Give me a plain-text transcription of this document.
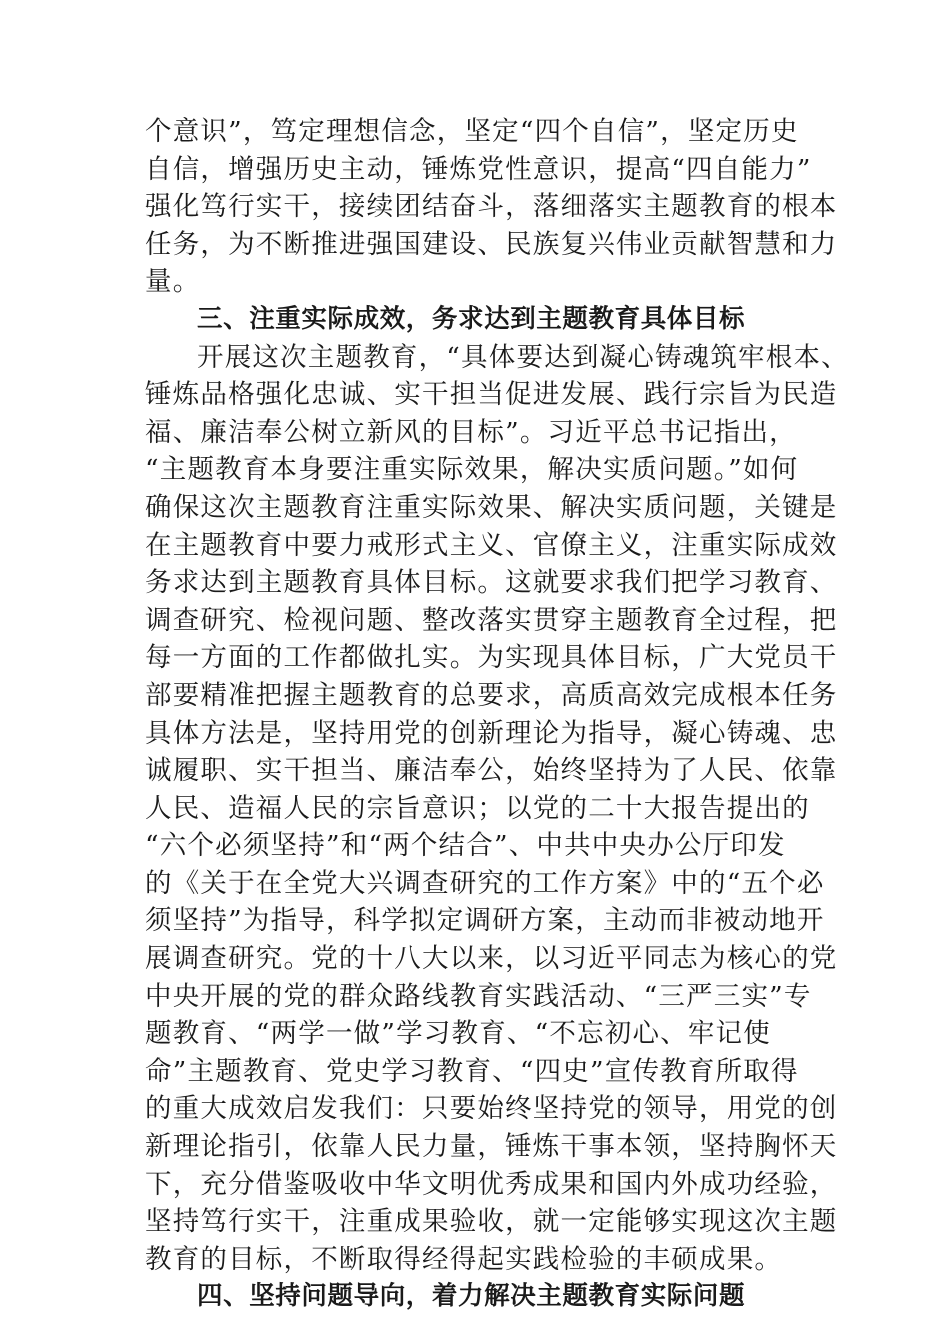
个意识”，笃定理想信念，坚定“四个自信”，坚定历史
自信，增强历史主动，锤炼党性意识，提高“四自能力”
强化笃行实干，接续团结奋斗，落细落实主题教育的根本
任务，为不断推进强国建设、民族复兴伟业贡献智慧和力
量。
三、注重实际成效，务求达到主题教育具体目标
开展这次主题教育，“具体要达到凝心铸魂筑牢根本、
锤炼品格强化忠诚、实干担当促进发展、践行宗旨为民造
福、廉洁奉公树立新风的目标”。习近平总书记指出，
“主题教育本身要注重实际效果，解决实质问题。”如何
确保这次主题教育注重实际效果、解决实质问题，关键是
在主题教育中要力戒形式主义、官僚主义，注重实际成效
务求达到主题教育具体目标。这就要求我们把学习教育、
调查研究、检视问题、整改落实贯穿主题教育全过程，把
每一方面的工作都做扎实。为实现具体目标，广大党员干
部要精准把握主题教育的总要求，高质高效完成根本任务
具体方法是，坚持用党的创新理论为指导，凝心铸魂、忠
诚履职、实干担当、廉洁奉公，始终坚持为了人民、依靠
人民、造福人民的宗旨意识；以党的二十大报告提出的
“六个必须坚持”和“两个结合”、中共中央办公厅印发
的《关于在全党大兴调查研究的工作方案》中的“五个必
须坚持”为指导，科学拟定调研方案，主动而非被动地开
展调查研究。党的十八大以来，以习近平同志为核心的党
中央开展的党的群众路线教育实践活动、“三严三实”专
题教育、“两学一做”学习教育、“不忘初心、牢记使
命”主题教育、党史学习教育、“四史”宣传教育所取得
的重大成效启发我们：只要始终坚持党的领导，用党的创
新理论指引，依靠人民力量，锤炼干事本领，坚持胸怀天
下，充分借鉴吸收中华文明优秀成果和国内外成功经验，
坚持笃行实干，注重成果验收，就一定能够实现这次主题
教育的目标，不断取得经得起实践检验的丰硕成果。
四、坚持问题导向，着力解决主题教育实际问题
